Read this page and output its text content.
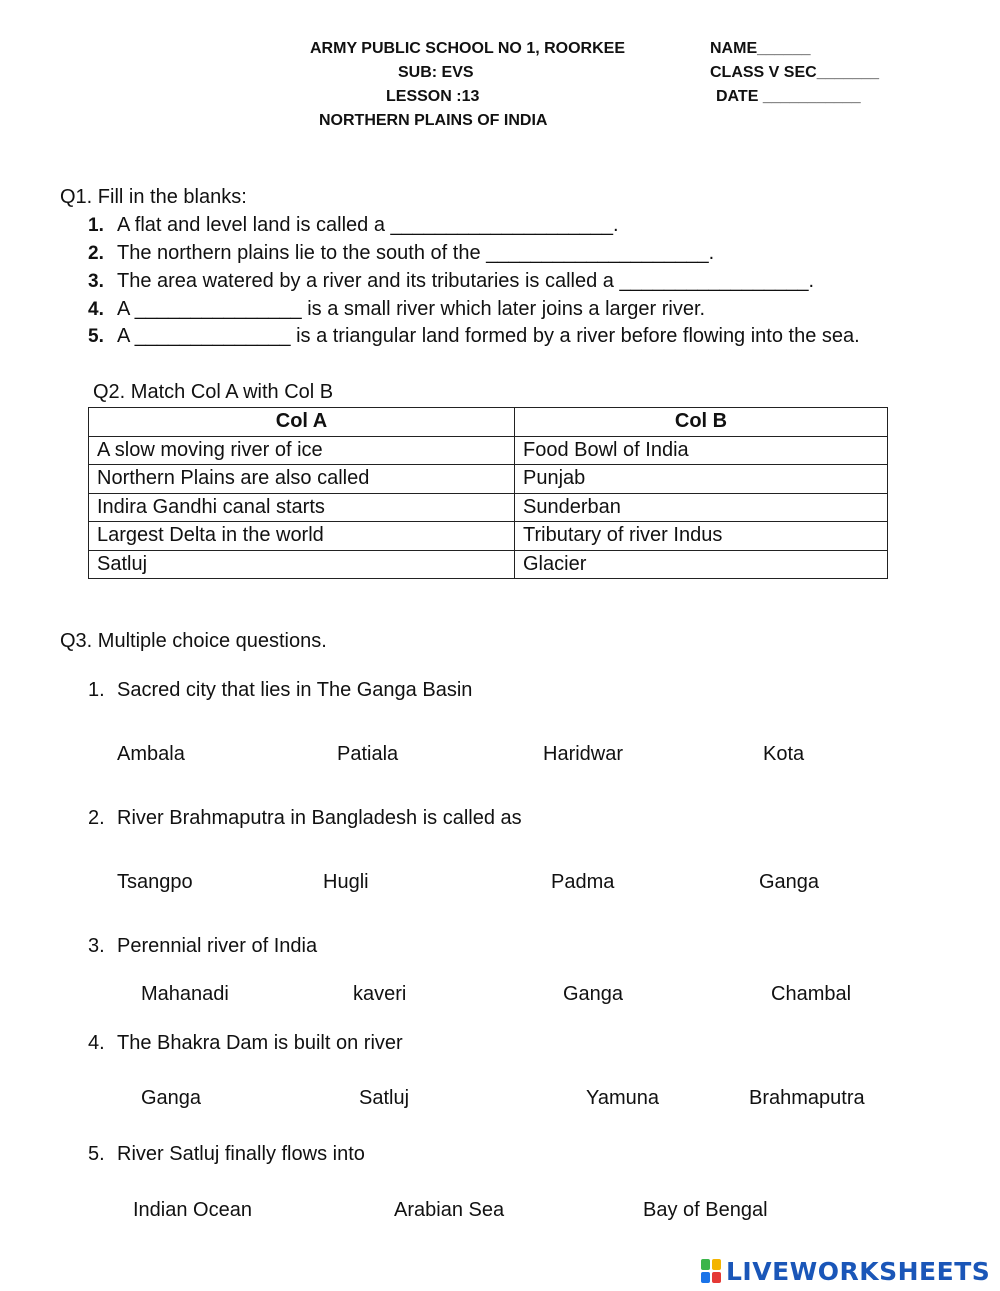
ARMY PUBLIC SCHOOL NO 1, ROORKEE
SUB: EVS
LESSON :13
NORTHERN PLAINS OF INDIA
NAME______
CLASS V SEC_______
DATE ___________
Q1. Fill in the blanks:
1. A flat and level land is called a ____________________.
2. The northern plains lie to the south of the ____________________.
3. The area watered by a river and its tributaries is called a _________________.
4. A _______________ is a small river which later joins a larger river.
5. A ______________ is a triangular land formed by a river before flowing into the sea.
Q2. Match Col A with Col B
Col A	Col B
A slow moving river of ice	Food Bowl of India
Northern Plains are also called	Punjab
Indira Gandhi canal starts	Sunderban
Largest Delta in the world	Tributary of river Indus
Satluj	Glacier
Q3. Multiple choice questions.
1. Sacred city that lies in The Ganga Basin
Ambala	Patiala	Haridwar	Kota
2. River Brahmaputra in Bangladesh is called as
Tsangpo	Hugli	Padma	Ganga
3. Perennial river of India
Mahanadi	kaveri	Ganga	Chambal
4. The Bhakra Dam is built on river
Ganga	Satluj	Yamuna	Brahmaputra
5. River Satluj finally flows into
Indian Ocean	Arabian Sea	Bay of Bengal
LIVEWORKSHEETS
